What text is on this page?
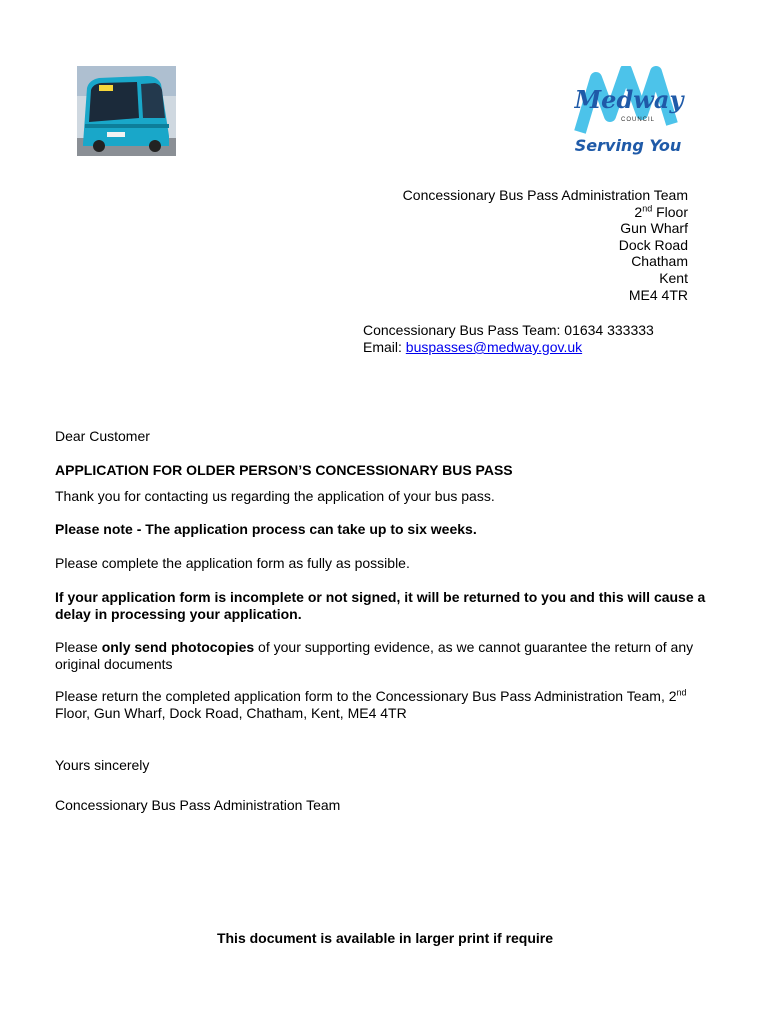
Medway
COUNCIL
Serving You
Concessionary Bus Pass Administration Team
2nd Floor
Gun Wharf
Dock Road
Chatham
Kent
ME4 4TR
Concessionary Bus Pass Team: 01634 333333
Email: buspasses@medway.gov.uk
Dear Customer
APPLICATION FOR OLDER PERSON’S CONCESSIONARY BUS PASS
Thank you for contacting us regarding the application of your bus pass.
Please note - The application process can take up to six weeks.
Please complete the application form as fully as possible.
If your application form is incomplete or not signed, it will be returned to you and this will cause a delay in processing your application.
Please only send photocopies of your supporting evidence, as we cannot guarantee the return of any original documents
Please return the completed application form to the Concessionary Bus Pass Administration Team, 2nd Floor, Gun Wharf, Dock Road, Chatham, Kent, ME4 4TR
Yours sincerely
Concessionary Bus Pass Administration Team
This document is available in larger print if require
